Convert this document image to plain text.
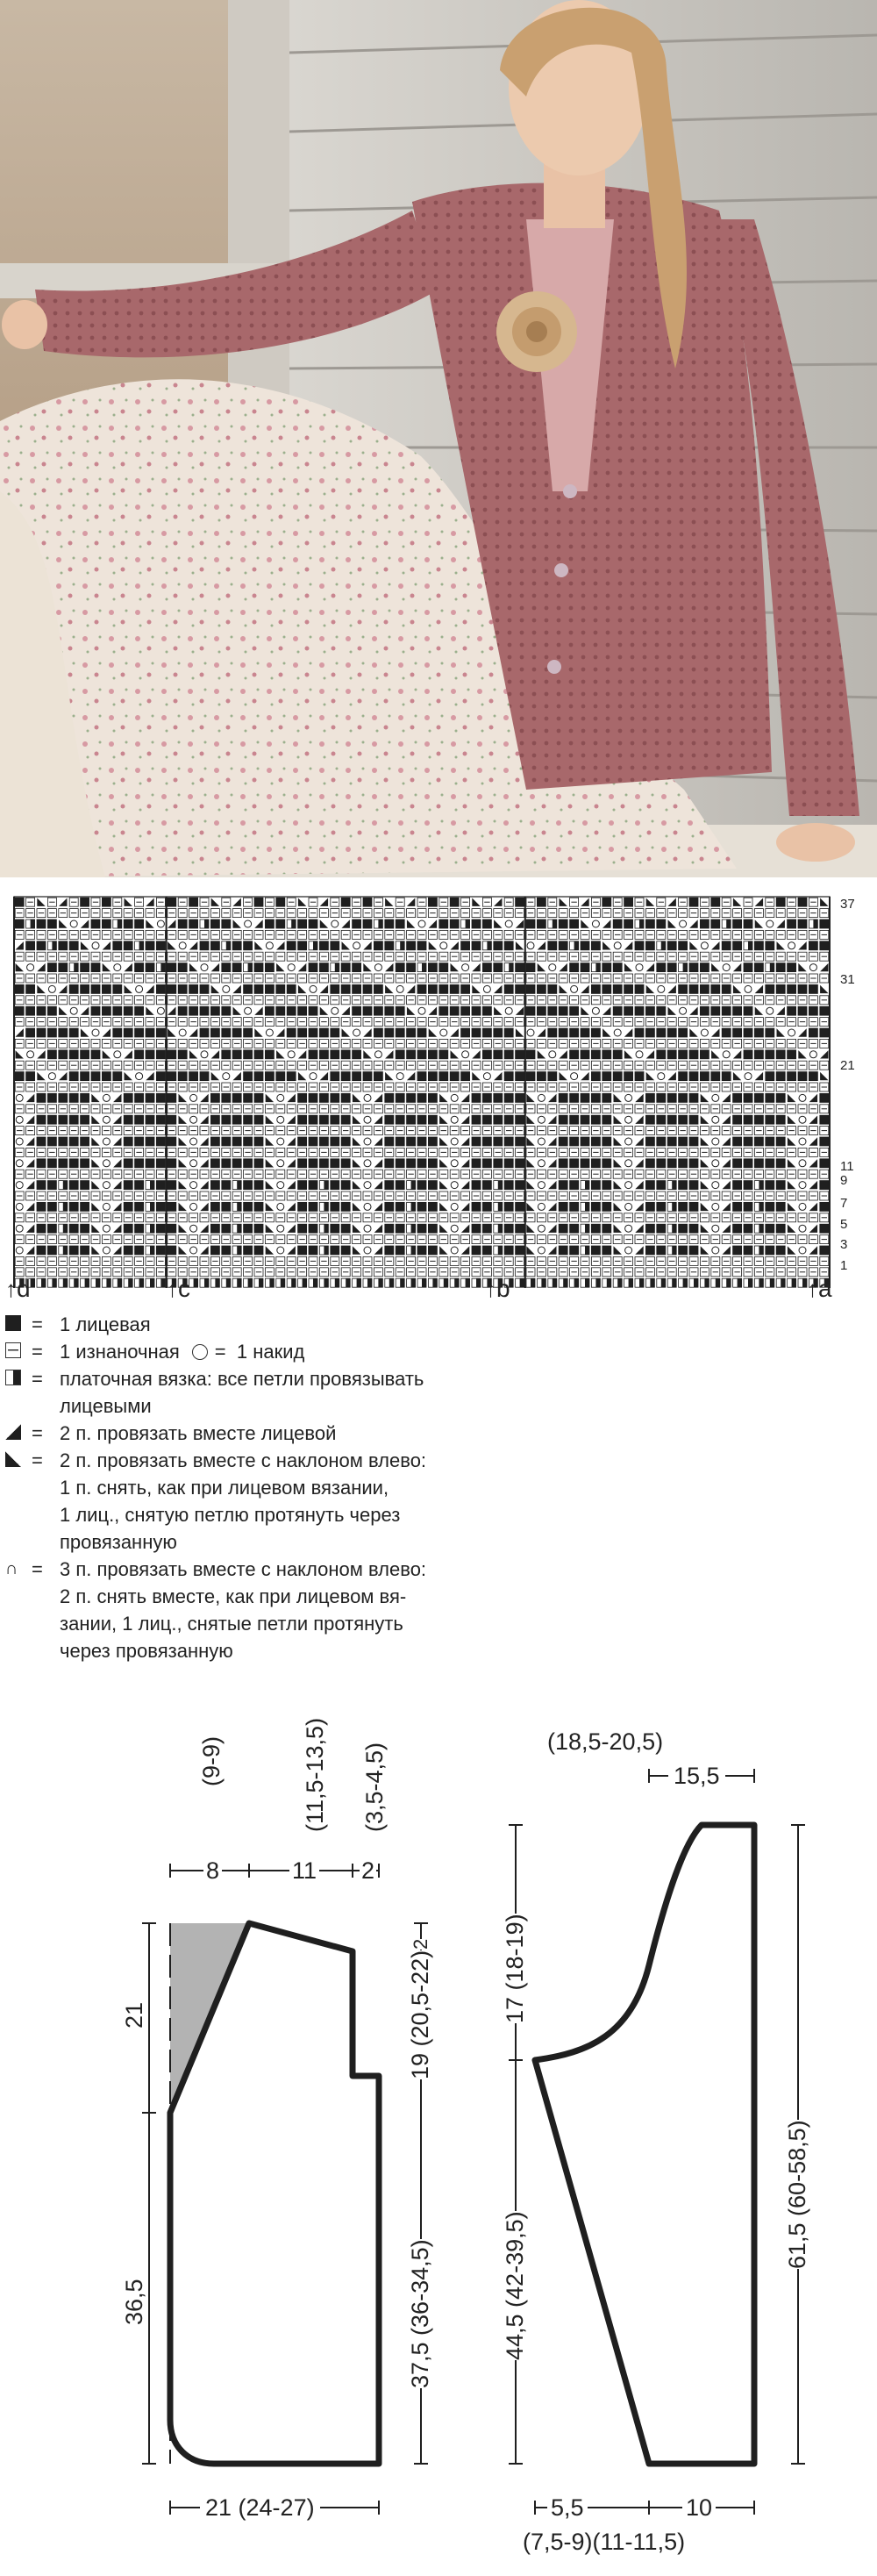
37
31
21
11
9
7
5
3
1
↑d	↑c	↑b	↑a
= 1 лицевая
= 1 изнаночная = 1 накид
= платочная вязка: все петли провязывать
лицевыми
= 2 п. провязать вместе лицевой
= 2 п. провязать вместе с наклоном влево:
1 п. снять, как при лицевом вязании,
1 лиц., снятую петлю протянуть через
провязанную
∩ = 3 п. провязать вместе с наклоном влево:
2 п. снять вместе, как при лицевом вя-
зании, 1 лиц., снятые петли протянуть
через провязанную
(9-9)	(11,5-13,5) (3,5-4,5)
8	11 2
21
36,5
2
19 (20,5-22)
37,5 (36-34,5)
21 (24-27)
(18,5-20,5)
15,5
17 (18-19)
44,5 (42-39,5)
61,5 (60-58,5)
5,5	10
(7,5-9)(11-11,5)
